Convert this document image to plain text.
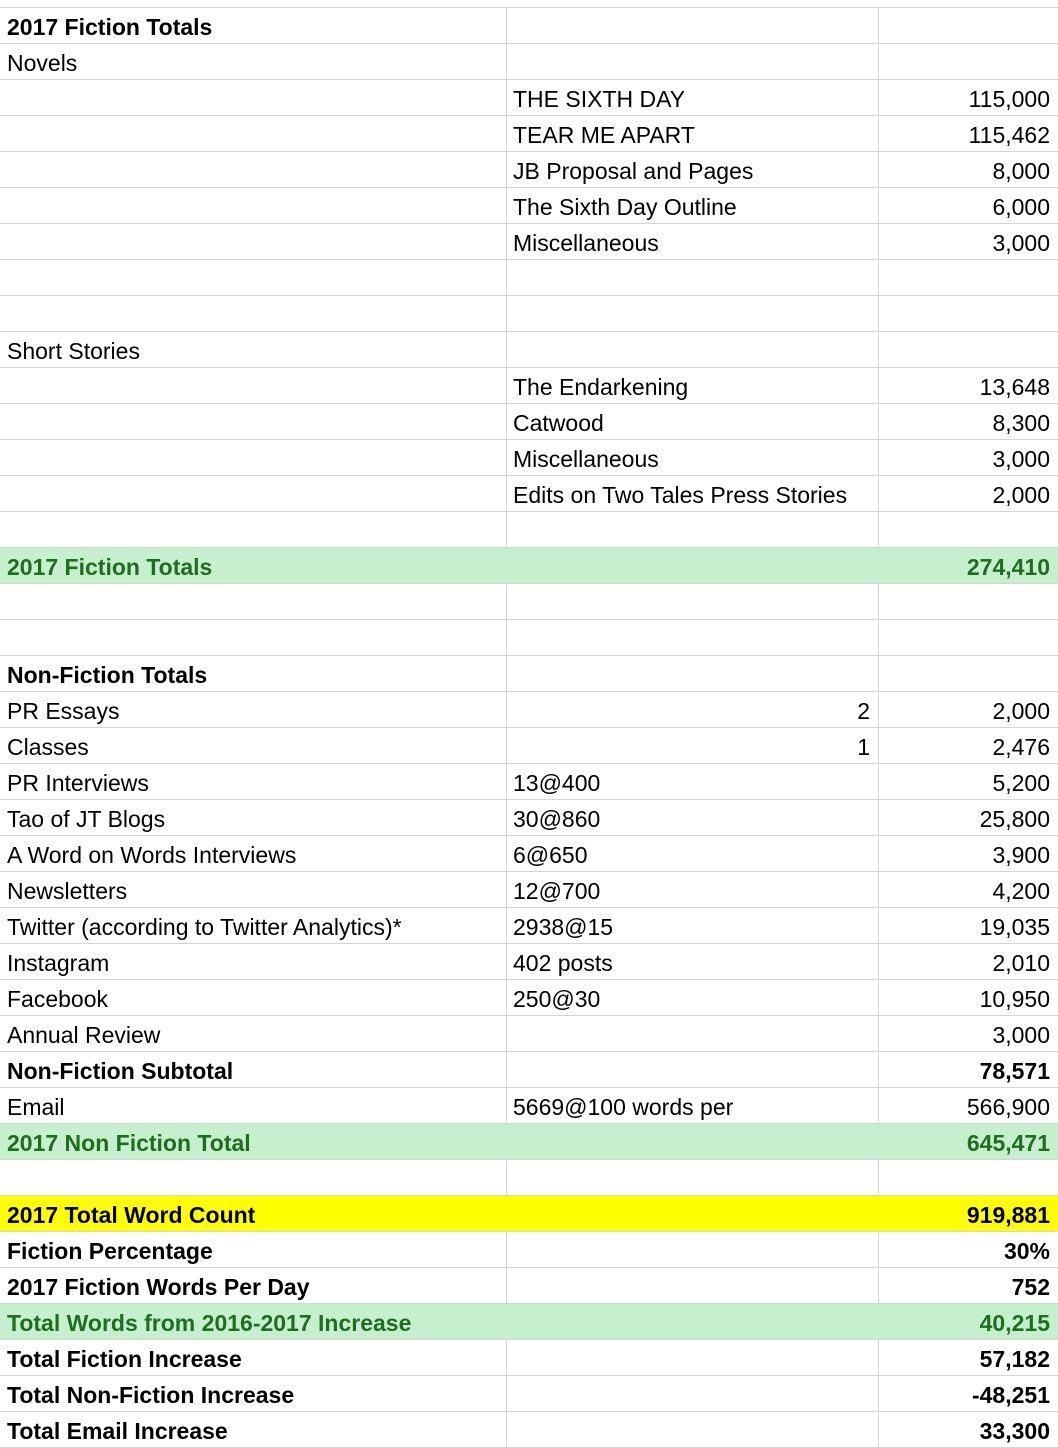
2017 Fiction Totals
Novels
THE SIXTH DAY	115,000
TEAR ME APART	115,462
JB Proposal and Pages	8,000
The Sixth Day Outline	6,000
Miscellaneous	3,000
Short Stories
The Endarkening	13,648
Catwood	8,300
Miscellaneous	3,000
Edits on Two Tales Press Stories	2,000
2017 Fiction Totals	274,410
Non-Fiction Totals
PR Essays	2	2,000
Classes	1	2,476
PR Interviews	13@400	5,200
Tao of JT Blogs	30@860	25,800
A Word on Words Interviews	6@650	3,900
Newsletters	12@700	4,200
Twitter (according to Twitter Analytics)*	2938@15	19,035
Instagram	402 posts	2,010
Facebook	250@30	10,950
Annual Review	3,000
Non-Fiction Subtotal	78,571
Email	5669@100 words per	566,900
2017 Non Fiction Total	645,471
2017 Total Word Count	919,881
Fiction Percentage	30%
2017 Fiction Words Per Day	752
Total Words from 2016-2017 Increase	40,215
Total Fiction Increase	57,182
Total Non-Fiction Increase	-48,251
Total Email Increase	33,300
